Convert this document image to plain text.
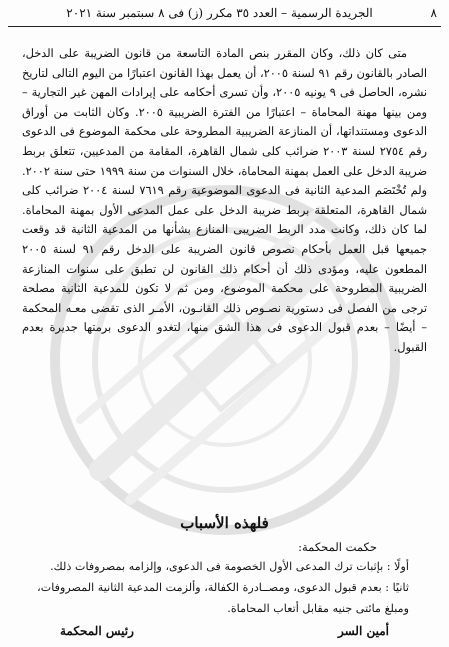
٨
الجريدة الرسمية – العدد ٣٥ مكرر (ز) فى ٨ سبتمبر سنة ٢٠٢١

متى كان ذلك، وكان المقرر بنص المادة التاسعة من قانون الضريبة على الدخل، الصادر بالقانون رقم ٩١ لسنة ٢٠٠٥، أن يعمل بهذا القانون اعتبارًا من اليوم التالى لتاريخ نشره، الحاصل فى ٩ يونيه ٢٠٠٥، وأن تسرى أحكامه على إيرادات المهن غير التجارية – ومن بينها مهنة المحاماة – اعتبارًا من الفترة الضريبية ٢٠٠٥. وكان الثابت من أوراق الدعوى ومستنداتها، أن المنازعة الضريبية المطروحة على محكمة الموضوع فى الدعوى رقم ٢٧٥٤ لسنة ٢٠٠٣ ضرائب كلى شمال القاهرة، المقامة من المدعيين، تتعلق بربط ضريبة الدخل على العمل بمهنة المحاماة، خلال السنوات من سنة ١٩٩٩ حتى سنة ٢٠٠٢. ولم تُخْتَصَم المدعية الثانية فى الدعوى الموضوعية رقم ٧٦١٩ لسنة ٢٠٠٤ ضرائب كلى شمال القاهرة، المتعلقة بربط ضريبة الدخل على عمل المدعى الأول بمهنة المحاماة. لما كان ذلك، وكانت مدد الربط الضريبى المنازع بشأنها من المدعية الثانية قد وقعت جميعها قبل العمل بأحكام نصوص قانون الضريبة على الدخل رقم ٩١ لسنة ٢٠٠٥ المطعون عليه، ومؤدى ذلك أن أحكام ذلك القانون لن تطبق على سنوات المنازعة الضريبية المطروحة على محكمة الموضوع، ومن ثم لا تكون للمدعية الثانية مصلحة ترجى من الفصل فى دستورية نصـوص ذلك القانـون، الأمـر الذى تقضى معـه المحكمة – أيضًا – بعدم قبول الدعوى فى هذا الشق منها، لتغدو الدعوى برمتها جديرة بعدم القبول.

فلهذه الأسباب
حكمت المحكمة:
أولًا : بإثبات ترك المدعى الأول الخصومة فى الدعوى، وإلزامه بمصروفات ذلك.
ثانيًا : بعدم قبول الدعوى، ومصــادرة الكفالة، وألزمت المدعية الثانية المصروفات،
ومبلغ مائتى جنيه مقابل أتعاب المحاماة.
أمين السر
رئيس المحكمة
